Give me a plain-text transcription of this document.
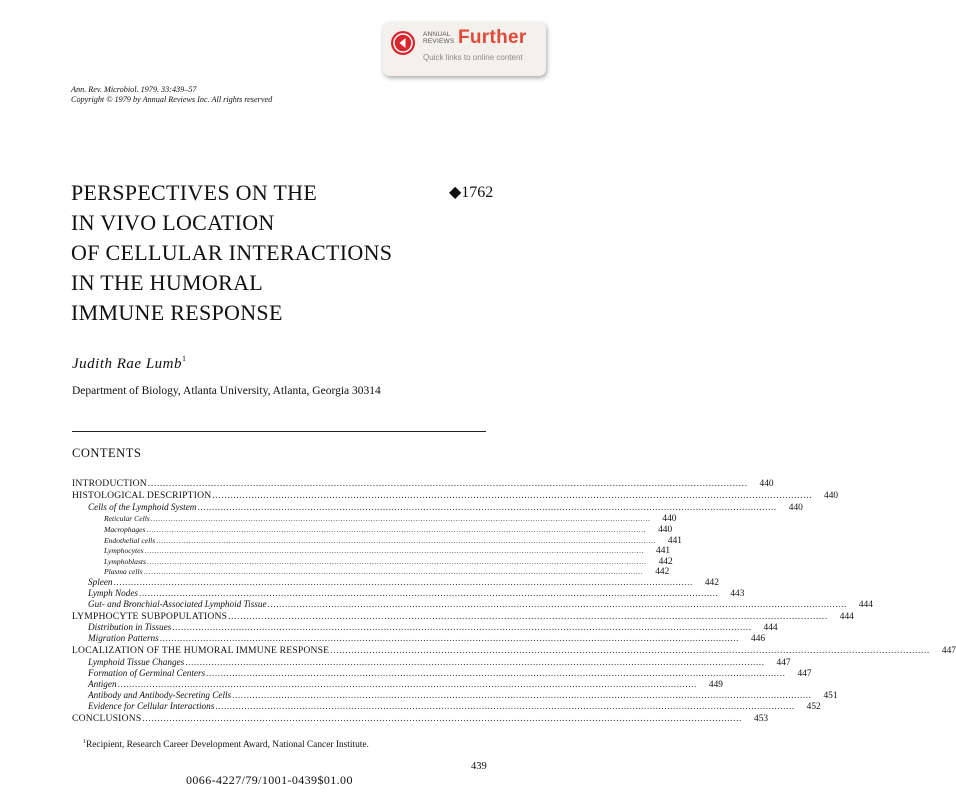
ANNUAL
REVIEWS Further
Quick links to online content
Ann. Rev. Microbiol. 1979. 33:439–57
Copyright © 1979 by Annual Reviews Inc. All rights reserved
PERSPECTIVES ON THE
IN VIVO LOCATION
OF CELLULAR INTERACTIONS
IN THE HUMORAL
IMMUNE RESPONSE
◆1762
Judith Rae Lumb$^1$
Department of Biology, Atlanta University, Atlanta, Georgia 30314
CONTENTS
INTRODUCTION ........................................................................................................................................................................................................	440
HISTOLOGICAL DESCRIPTION ........................................................................................................................................................................................................	440
Cells of the Lymphoid System ........................................................................................................................................................................................................	440
Reticular Cells ........................................................................................................................................................................................................	440
Macrophages ........................................................................................................................................................................................................	440
Endothelial cells ........................................................................................................................................................................................................	441
Lymphocytes ........................................................................................................................................................................................................	441
Lymphoblasts ........................................................................................................................................................................................................	442
Plasma cells ........................................................................................................................................................................................................	442
Spleen ........................................................................................................................................................................................................	442
Lymph Nodes ........................................................................................................................................................................................................	443
Gut- and Bronchial-Associated Lymphoid Tissue ........................................................................................................................................................................................................	444
LYMPHOCYTE SUBPOPULATIONS ........................................................................................................................................................................................................	444
Distribution in Tissues ........................................................................................................................................................................................................	444
Migration Patterns ........................................................................................................................................................................................................	446
LOCALIZATION OF THE HUMORAL IMMUNE RESPONSE ........................................................................................................................................................................................................	447
Lymphoid Tissue Changes ........................................................................................................................................................................................................	447
Formation of Germinal Centers ........................................................................................................................................................................................................	447
Antigen ........................................................................................................................................................................................................	449
Antibody and Antibody-Secreting Cells ........................................................................................................................................................................................................	451
Evidence for Cellular Interactions ........................................................................................................................................................................................................	452
CONCLUSIONS ........................................................................................................................................................................................................	453
$^1$Recipient, Research Career Development Award, National Cancer Institute.
439
0066-4227/79/1001-0439$01.00
